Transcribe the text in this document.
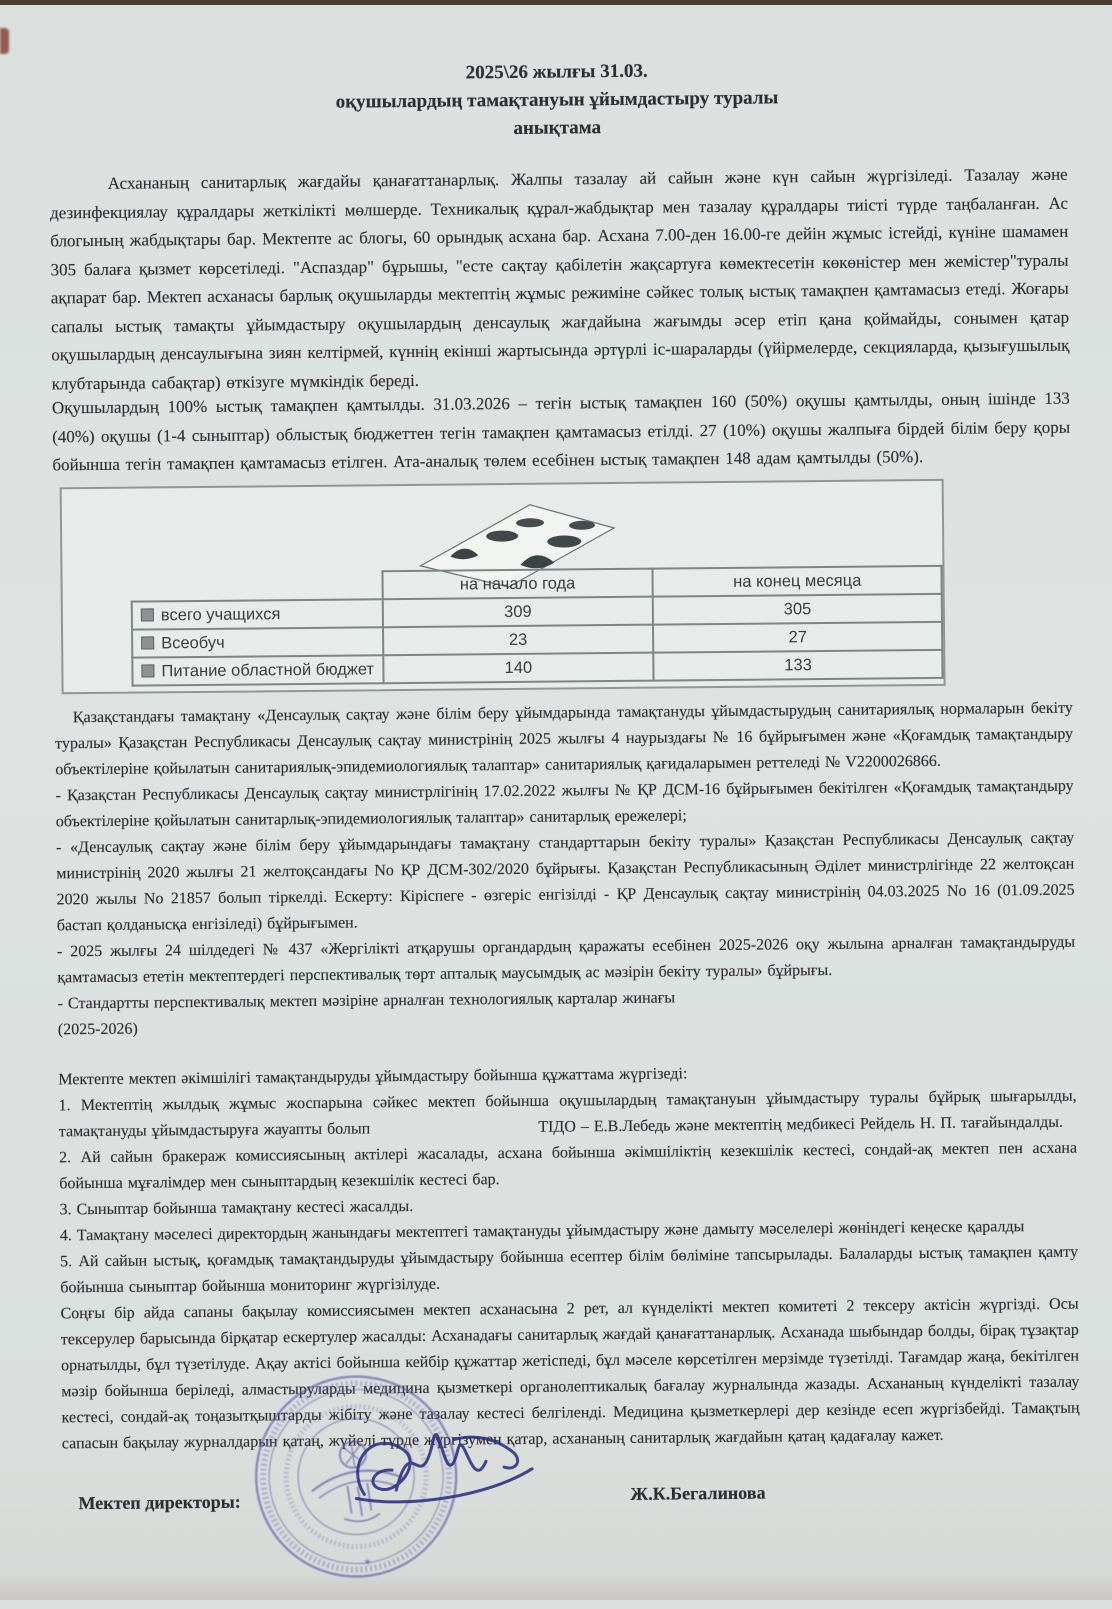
2025\26 жылғы 31.03.
оқушылардың тамақтануын ұйымдастыру туралы
анықтама

Асхананың санитарлық жағдайы қанағаттанарлық. Жалпы тазалау ай сайын және күн сайын жүргізіледі. Тазалау және дезинфекциялау құралдары жеткілікті мөлшерде. Техникалық құрал-жабдықтар мен тазалау құралдары тиісті түрде таңбаланған. Ас блогының жабдықтары бар. Мектепте ас блогы, 60 орындық асхана бар. Асхана 7.00-ден 16.00-ге дейін жұмыс істейді, күніне шамамен 305 балаға қызмет көрсетіледі. "Аспаздар" бұрышы, "есте сақтау қабілетін жақсартуға көмектесетін көкөністер мен жемістер"туралы ақпарат бар. Мектеп асханасы барлық оқушыларды мектептің жұмыс режиміне сәйкес толық ыстық тамақпен қамтамасыз етеді. Жоғары сапалы ыстық тамақты ұйымдастыру оқушылардың денсаулық жағдайына жағымды әсер етіп қана қоймайды, сонымен қатар оқушылардың денсаулығына зиян келтірмей, күннің екінші жартысында әртүрлі іс-шараларды (үйірмелерде, секцияларда, қызығушылық клубтарында сабақтар) өткізуге мүмкіндік береді.

Оқушылардың 100% ыстық тамақпен қамтылды. 31.03.2026 – тегін ыстық тамақпен 160 (50%) оқушы қамтылды, оның ішінде 133 (40%) оқушы (1-4 сыныптар) облыстық бюджеттен тегін тамақпен қамтамасыз етілді. 27 (10%) оқушы жалпыға бірдей білім беру қоры бойынша тегін тамақпен қамтамасыз етілген. Ата-аналық төлем есебінен ыстық тамақпен 148 адам қамтылды (50%).

	на начало года	на конец месяца
всего учащихся	309	305
Всеобуч	23	27
Питание областной бюджет	140	133

Қазақстандағы тамақтану «Денсаулық сақтау және білім беру ұйымдарында тамақтануды ұйымдастырудың санитариялық нормаларын бекіту туралы» Қазақстан Республикасы Денсаулық сақтау министрінің 2025 жылғы 4 наурыздағы № 16 бұйрығымен және «Қоғамдық тамақтандыру объектілеріне қойылатын санитариялық-эпидемиологиялық талаптар» санитариялық қағидаларымен реттеледі № V2200026866.

- Қазақстан Республикасы Денсаулық сақтау министрлігінің 17.02.2022 жылғы № ҚР ДСМ-16 бұйрығымен бекітілген «Қоғамдық тамақтандыру объектілеріне қойылатын санитарлық-эпидемиологиялық талаптар» санитарлық ережелері;

- «Денсаулық сақтау және білім беру ұйымдарындағы тамақтану стандарттарын бекіту туралы» Қазақстан Республикасы Денсаулық сақтау министрінің 2020 жылғы 21 желтоқсандағы No ҚР ДСМ-302/2020 бұйрығы. Қазақстан Республикасының Әділет министрлігінде 22 желтоқсан 2020 жылы No 21857 болып тіркелді. Ескерту: Кіріспеге - өзгеріс енгізілді - ҚР Денсаулық сақтау министрінің 04.03.2025 No 16 (01.09.2025 бастап қолданысқа енгізіледі) бұйрығымен.

- 2025 жылғы 24 шілдедегі № 437 «Жергілікті атқарушы органдардың қаражаты есебінен 2025-2026 оқу жылына арналған тамақтандыруды қамтамасыз ететін мектептердегі перспективалық төрт апталық маусымдық ас мәзірін бекіту туралы» бұйрығы.

- Стандартты перспективалық мектеп мәзіріне арналған технологиялық карталар жинағы

(2025-2026)

Мектепте мектеп әкімшілігі тамақтандыруды ұйымдастыру бойынша құжаттама жүргізеді:

1. Мектептің жылдық жұмыс жоспарына сәйкес мектеп бойынша оқушылардың тамақтануын ұйымдастыру туралы бұйрық шығарылды, тамақтануды ұйымдастыруға жауапты болып	ТІДО – Е.В.Лебедь және мектептің медбикесі Рейдель Н. П. тағайындалды.

2. Ай сайын бракераж комиссиясының актілері жасалады, асхана бойынша әкімшіліктің кезекшілік кестесі, сондай-ақ мектеп пен асхана бойынша мұғалімдер мен сыныптардың кезекшілік кестесі бар.

3. Сыныптар бойынша тамақтану кестесі жасалды.

4. Тамақтану мәселесі директордың жанындағы мектептегі тамақтануды ұйымдастыру және дамыту мәселелері жөніндегі кеңеске қаралды

5. Ай сайын ыстық, қоғамдық тамақтандыруды ұйымдастыру бойынша есептер білім бөліміне тапсырылады. Балаларды ыстық тамақпен қамту бойынша сыныптар бойынша мониторинг жүргізілуде.

Соңғы бір айда сапаны бақылау комиссиясымен мектеп асханасына 2 рет, ал күнделікті мектеп комитеті 2 тексеру актісін жүргізді. Осы тексерулер барысында бірқатар ескертулер жасалды: Асханадағы санитарлық жағдай қанағаттанарлық. Асханада шыбындар болды, бірақ тұзақтар орнатылды, бұл түзетілуде. Ақау актісі бойынша кейбір құжаттар жетіспеді, бұл мәселе көрсетілген мерзімде түзетілді. Тағамдар жаңа, бекітілген мәзір бойынша беріледі, алмастыруларды медицина қызметкері органолептикалық бағалау журналында жазады. Асхананың күнделікті тазалау кестесі, сондай-ақ тоңазытқыштарды жібіту және тазалау кестесі белгіленді. Медицина қызметкерлері дер кезінде есеп жүргізбейді. Тамақтың сапасын бақылау журналдарын қатаң, жүйелі түрде жүргізумен қатар, асхананың санитарлық жағдайын қатаң қадағалау кажет.

Мектеп директоры:	Ж.К.Бегалинова
✶
